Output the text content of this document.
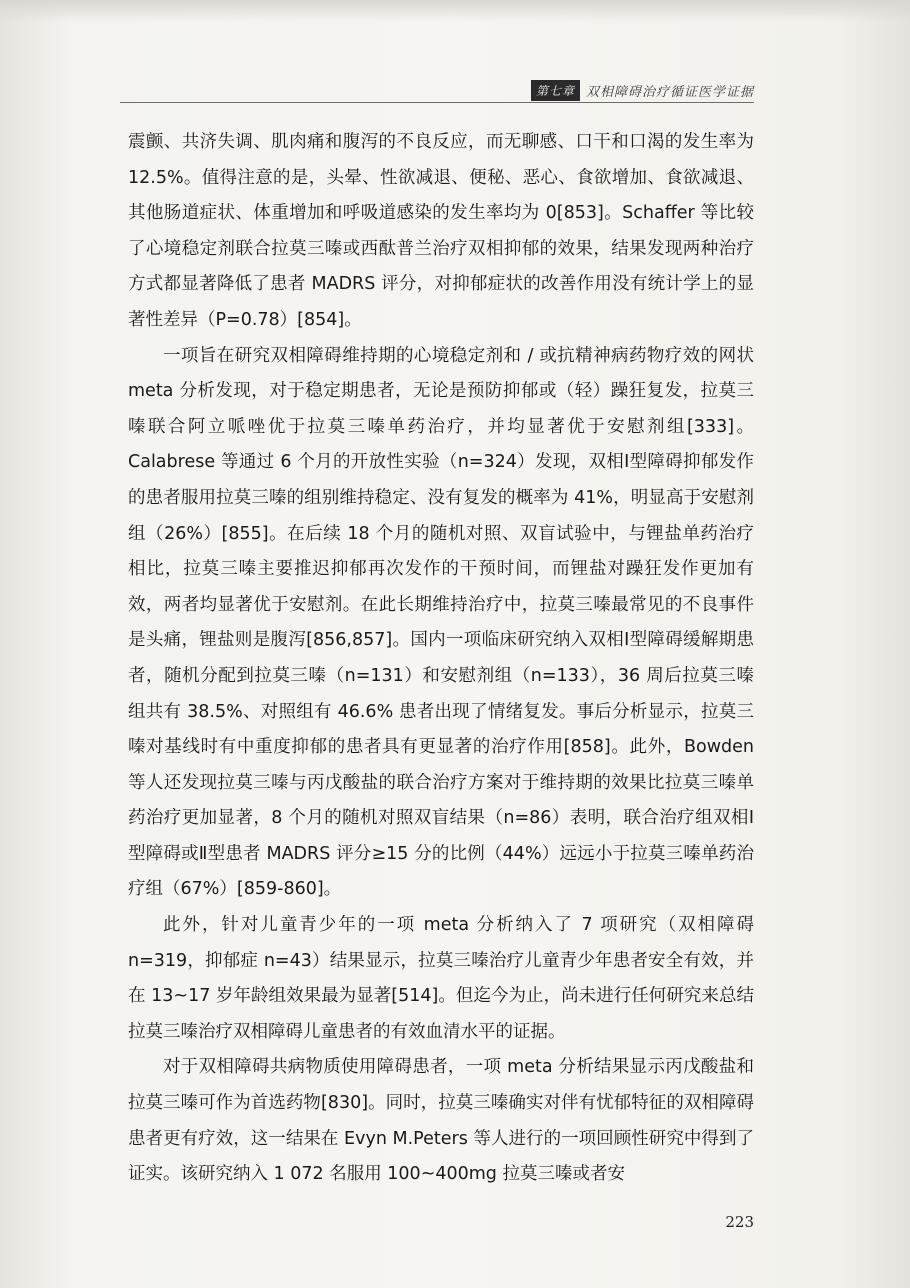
第七章 双相障碍治疗循证医学证据

震颤、共济失调、肌肉痛和腹泻的不良反应，而无聊感、口干和口渴的发生率为 12.5%。值得注意的是，头晕、性欲减退、便秘、恶心、食欲增加、食欲减退、其他肠道症状、体重增加和呼吸道感染的发生率均为 0[853]。Schaffer 等比较了心境稳定剂联合拉莫三嗪或西酞普兰治疗双相抑郁的效果，结果发现两种治疗方式都显著降低了患者 MADRS 评分，对抑郁症状的改善作用没有统计学上的显著性差异（P=0.78）[854]。

一项旨在研究双相障碍维持期的心境稳定剂和 / 或抗精神病药物疗效的网状 meta 分析发现，对于稳定期患者，无论是预防抑郁或（轻）躁狂复发，拉莫三嗪联合阿立哌唑优于拉莫三嗪单药治疗，并均显著优于安慰剂组[333]。Calabrese 等通过 6 个月的开放性实验（n=324）发现，双相Ⅰ型障碍抑郁发作的患者服用拉莫三嗪的组别维持稳定、没有复发的概率为 41%，明显高于安慰剂组（26%）[855]。在后续 18 个月的随机对照、双盲试验中，与锂盐单药治疗相比，拉莫三嗪主要推迟抑郁再次发作的干预时间，而锂盐对躁狂发作更加有效，两者均显著优于安慰剂。在此长期维持治疗中，拉莫三嗪最常见的不良事件是头痛，锂盐则是腹泻[856,857]。国内一项临床研究纳入双相Ⅰ型障碍缓解期患者，随机分配到拉莫三嗪（n=131）和安慰剂组（n=133），36 周后拉莫三嗪组共有 38.5%、对照组有 46.6% 患者出现了情绪复发。事后分析显示，拉莫三嗪对基线时有中重度抑郁的患者具有更显著的治疗作用[858]。此外，Bowden 等人还发现拉莫三嗪与丙戊酸盐的联合治疗方案对于维持期的效果比拉莫三嗪单药治疗更加显著，8 个月的随机对照双盲结果（n=86）表明，联合治疗组双相Ⅰ型障碍或Ⅱ型患者 MADRS 评分≥15 分的比例（44%）远远小于拉莫三嗪单药治疗组（67%）[859-860]。

此外，针对儿童青少年的一项 meta 分析纳入了 7 项研究（双相障碍 n=319，抑郁症 n=43）结果显示，拉莫三嗪治疗儿童青少年患者安全有效，并在 13~17 岁年龄组效果最为显著[514]。但迄今为止，尚未进行任何研究来总结拉莫三嗪治疗双相障碍儿童患者的有效血清水平的证据。

对于双相障碍共病物质使用障碍患者，一项 meta 分析结果显示丙戊酸盐和拉莫三嗪可作为首选药物[830]。同时，拉莫三嗪确实对伴有忧郁特征的双相障碍患者更有疗效，这一结果在 Evyn M.Peters 等人进行的一项回顾性研究中得到了证实。该研究纳入 1 072 名服用 100~400mg 拉莫三嗪或者安

223
